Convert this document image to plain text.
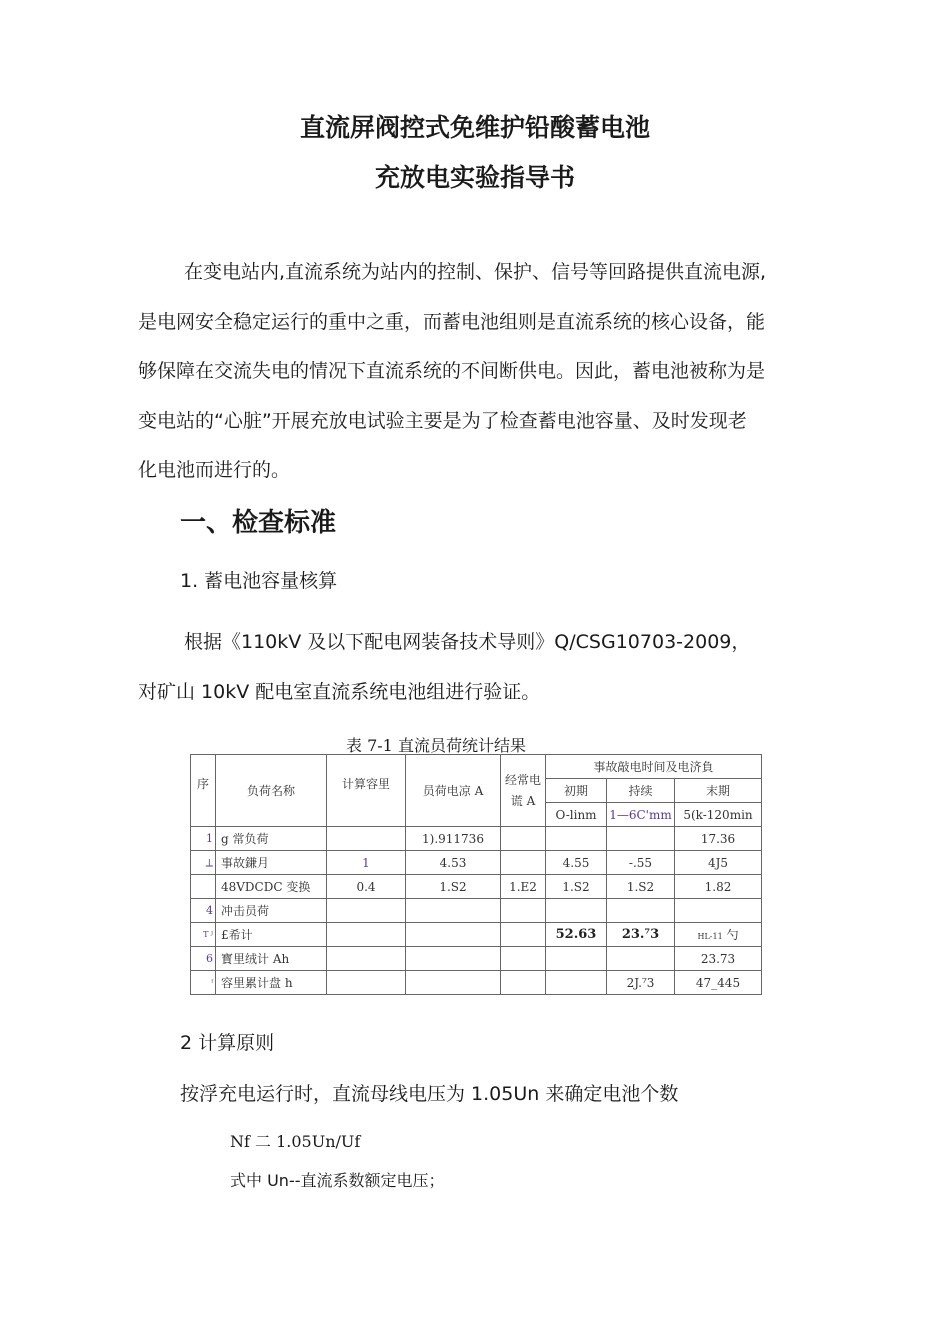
直流屏阀控式免维护铅酸蓄电池
充放电实验指导书
在变电站内,直流系统为站内的控制、保护、信号等回路提供直流电源,
是电网安全稳定运行的重中之重，而蓄电池组则是直流系统的核心设备，能
够保障在交流失电的情况下直流系统的不间断供电。因此，蓄电池被称为是
变电站的“心脏”开展充放电试验主要是为了检查蓄电池容量、及时发现老
化电池而进行的。
一、检查标准
1. 蓄电池容量核算
根据《110kV 及以下配电网装备技术导则》Q/CSG10703-2009，
对矿山 10kV 配电室直流系统电池组进行验证。
表 7-1 直流员荷统计结果
序	负荷名称	计算容里	员荷电凉 A	经常电谎 A	事故敲电时间及电济負		
					初期	持续	末期
					O-linm	1—6C'mm	5(k-120min
1	g 常负荷		1).911736				17.36
⟂	事故鎌月	1	4.53		4.55	-.55	4J5
	48VDCDC 变换	0.4	1.S2	1.E2	1.S2	1.S2	1.82
4	冲击员荷						
T ᴶ	£希计				52.63	23.⁷3	HL-11 勺
6	寳里绒计 Ah						23.73
ᶠ	容里累计盘 h					2J.⁷3	47_445
2 计算原则
按浮充电运行时，直流母线电压为 1.05Un 来确定电池个数
Nf 二 1.05Un/Uf
式中 Un--直流系数额定电压；
